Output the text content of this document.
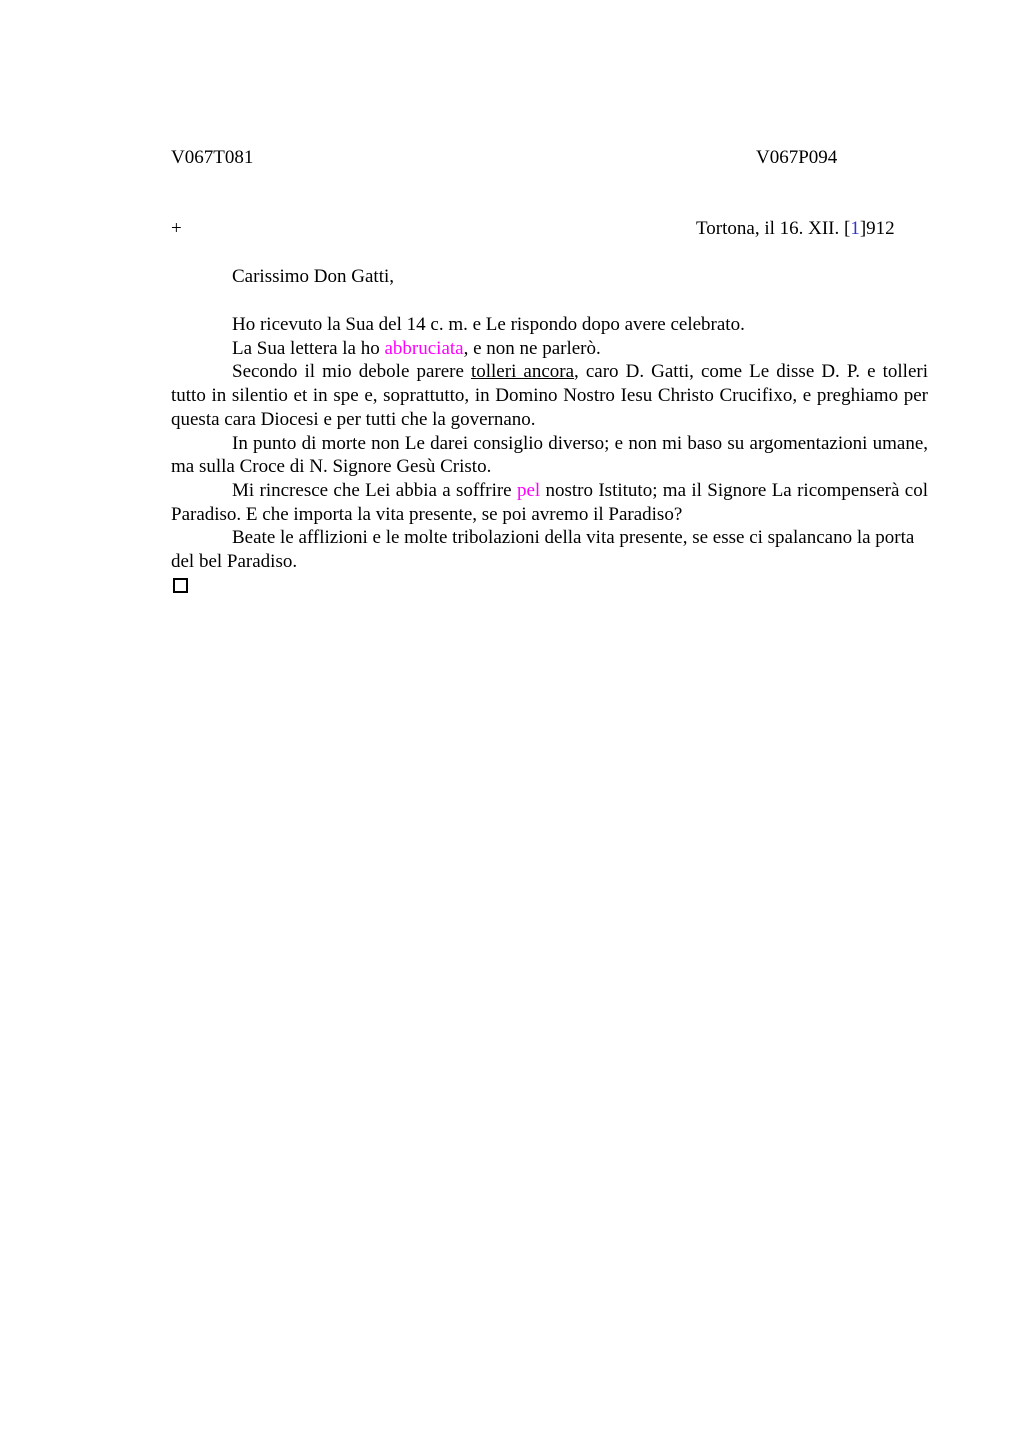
V067T081	V067P094
+	Tortona, il 16. XII. [1]912
Carissimo Don Gatti,

Ho ricevuto la Sua del 14 c. m. e Le rispondo dopo avere celebrato.

La Sua lettera la ho abbruciata, e non ne parlerò.

Secondo il mio debole parere tolleri ancora, caro D. Gatti, come Le disse D. P. e tolleri tutto in silentio et in spe e, soprattutto, in Domino Nostro Iesu Christo Crucifixo, e preghiamo per questa cara Diocesi e per tutti che la governano.

In punto di morte non Le darei consiglio diverso; e non mi baso su argomentazioni umane, ma sulla Croce di N. Signore Gesù Cristo.

Mi rincresce che Lei abbia a soffrire pel nostro Istituto; ma il Signore La ricompenserà col Paradiso. E che importa la vita presente, se poi avremo il Paradiso?

Beate le afflizioni e le molte tribolazioni della vita presente, se esse ci spalancano la porta del bel Paradiso.
